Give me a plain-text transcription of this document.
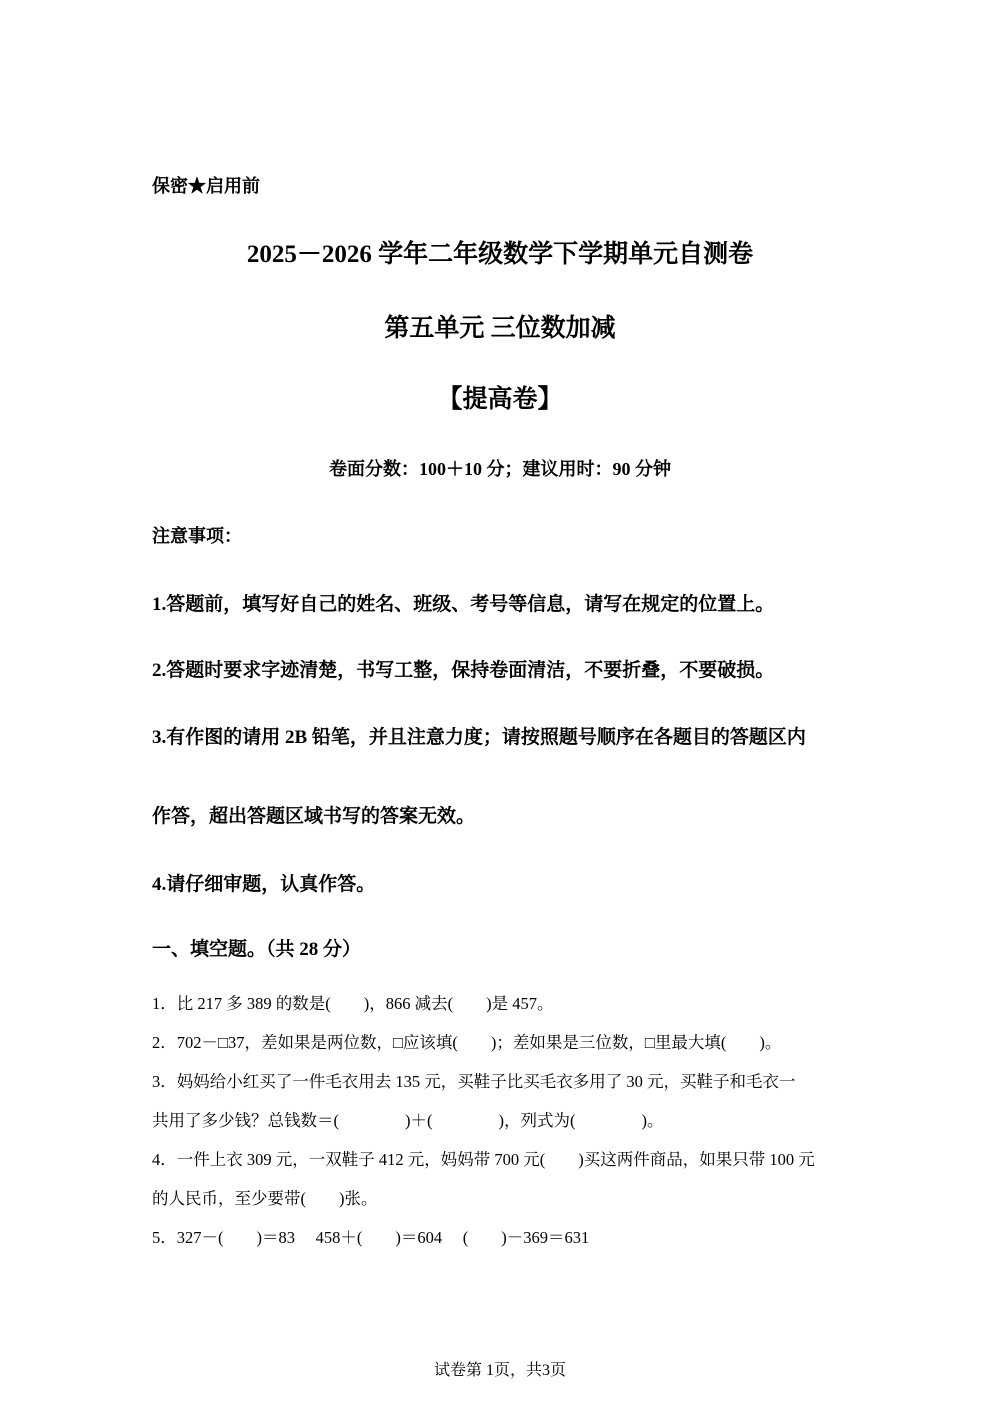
保密★启用前
2025－2026 学年二年级数学下学期单元自测卷
第五单元 三位数加减
【提高卷】
卷面分数：100＋10 分；建议用时：90 分钟
注意事项：
1.答题前，填写好自己的姓名、班级、考号等信息，请写在规定的位置上。
2.答题时要求字迹清楚，书写工整，保持卷面清洁，不要折叠，不要破损。
3.有作图的请用 2B 铅笔，并且注意力度；请按照题号顺序在各题目的答题区内
作答，超出答题区域书写的答案无效。
4.请仔细审题，认真作答。
一、填空题。（共 28 分）
1．比 217 多 389 的数是(　　)，866 减去(　　)是 457。
2．702－□37，差如果是两位数，□应该填(　　)；差如果是三位数，□里最大填(　　)。
3．妈妈给小红买了一件毛衣用去 135 元，买鞋子比买毛衣多用了 30 元，买鞋子和毛衣一
共用了多少钱？总钱数＝(　　　　)＋(　　　　)，列式为(　　　　)。
4．一件上衣 309 元，一双鞋子 412 元，妈妈带 700 元(　　)买这两件商品，如果只带 100 元
的人民币，至少要带(　　)张。
5．327－(　　)＝83　 458＋(　　)＝604　 (　　)－369＝631
试卷第 1页，共3页
